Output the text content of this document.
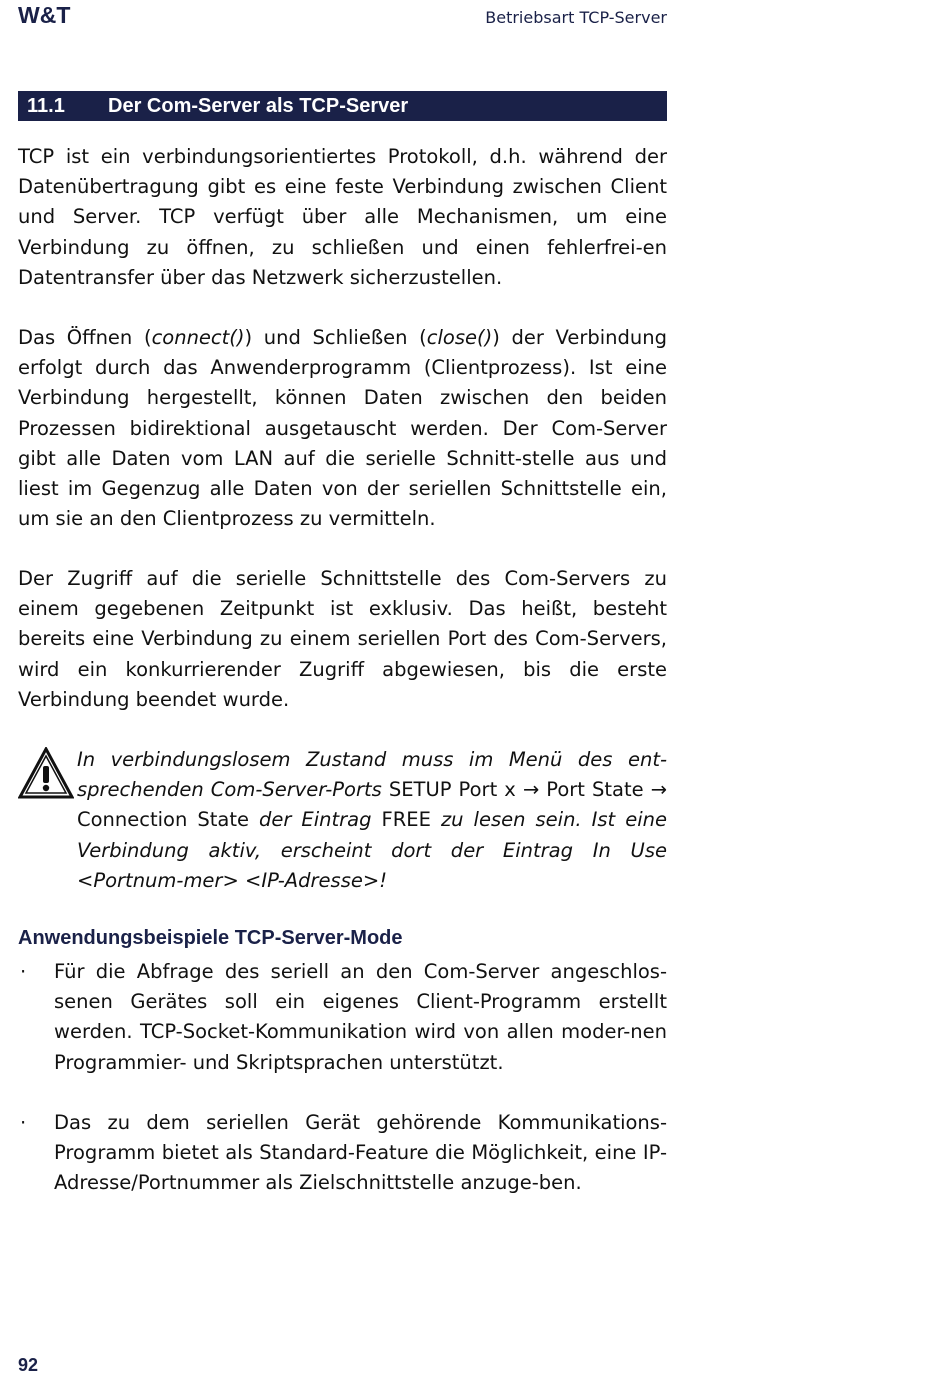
W&T	Betriebsart TCP-Server
11.1 Der Com-Server als TCP-Server

TCP ist ein verbindungsorientiertes Protokoll, d.h. während der Datenübertragung gibt es eine feste Verbindung zwischen Client und Server. TCP verfügt über alle Mechanismen, um eine Verbindung zu öffnen, zu schließen und einen fehlerfrei-en Datentransfer über das Netzwerk sicherzustellen.

Das Öffnen (connect()) und Schließen (close()) der Verbindung erfolgt durch das Anwenderprogramm (Clientprozess). Ist eine Verbindung hergestellt, können Daten zwischen den beiden Prozessen bidirektional ausgetauscht werden. Der Com-Server gibt alle Daten vom LAN auf die serielle Schnitt-stelle aus und liest im Gegenzug alle Daten von der seriellen Schnittstelle ein, um sie an den Clientprozess zu vermitteln.

Der Zugriff auf die serielle Schnittstelle des Com-Servers zu einem gegebenen Zeitpunkt ist exklusiv. Das heißt, besteht bereits eine Verbindung zu einem seriellen Port des Com-Servers, wird ein konkurrierender Zugriff abgewiesen, bis die erste Verbindung beendet wurde.

In verbindungslosem Zustand muss im Menü des ent-sprechenden Com-Server-Ports SETUP Port x → Port State → Connection State der Eintrag FREE zu lesen sein. Ist eine Verbindung aktiv, erscheint dort der Eintrag In Use <Portnum-mer> <IP-Adresse>!

Anwendungsbeispiele TCP-Server-Mode
· Für die Abfrage des seriell an den Com-Server angeschlos-senen Gerätes soll ein eigenes Client-Programm erstellt werden. TCP-Socket-Kommunikation wird von allen moder-nen Programmier- und Skriptsprachen unterstützt.
· Das zu dem seriellen Gerät gehörende Kommunikations-Programm bietet als Standard-Feature die Möglichkeit, eine IP-Adresse/Portnummer als Zielschnittstelle anzuge-ben.
92
